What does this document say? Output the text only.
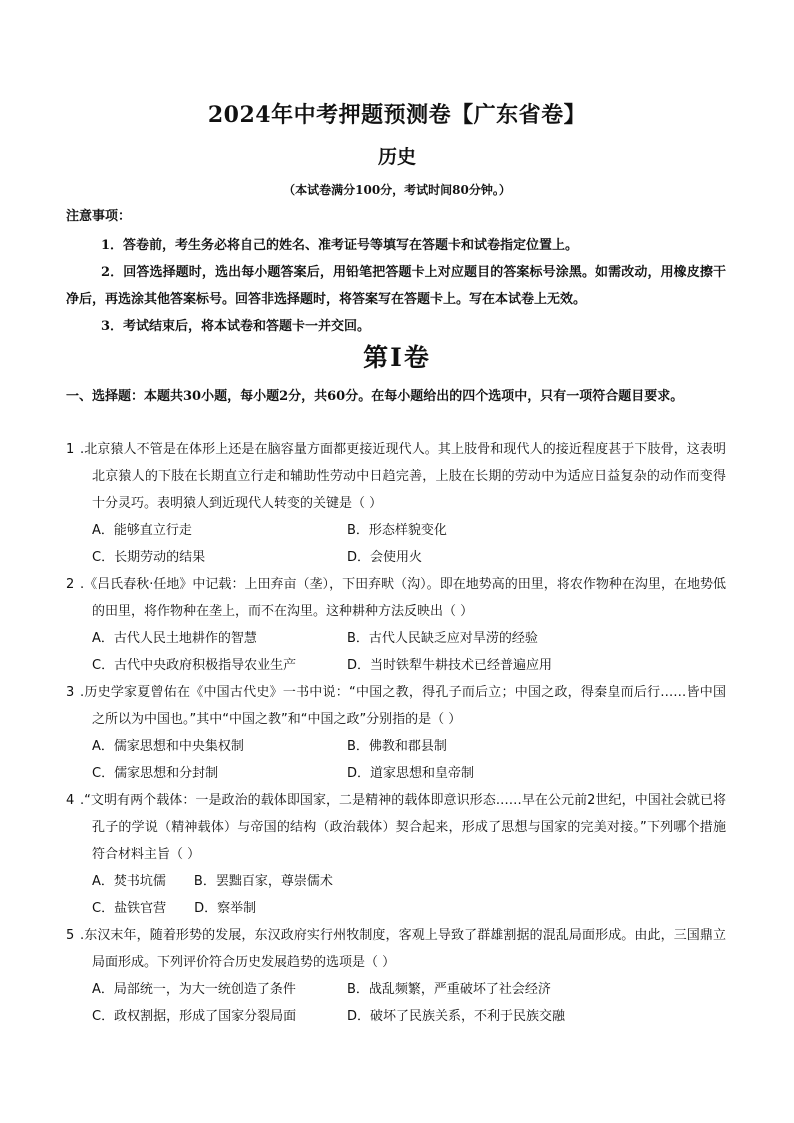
2024年中考押题预测卷【广东省卷】
历史
（本试卷满分100分，考试时间80分钟。）
注意事项：
1．答卷前，考生务必将自己的姓名、准考证号等填写在答题卡和试卷指定位置上。
2．回答选择题时，选出每小题答案后，用铅笔把答题卡上对应题目的答案标号涂黑。如需改动，用橡皮擦干净后，再选涂其他答案标号。回答非选择题时，将答案写在答题卡上。写在本试卷上无效。
3．考试结束后，将本试卷和答题卡一并交回。
第I卷
一、选择题：本题共30小题，每小题2分，共60分。在每小题给出的四个选项中，只有一项符合题目要求。
1 .北京猿人不管是在体形上还是在脑容量方面都更接近现代人。其上肢骨和现代人的接近程度甚于下肢骨，这表明北京猿人的下肢在长期直立行走和辅助性劳动中日趋完善，上肢在长期的劳动中为适应日益复杂的动作而变得十分灵巧。表明猿人到近现代人转变的关键是（ ）
A．能够直立行走	B．形态样貌变化
C．长期劳动的结果	D．会使用火
2 .《吕氏春秋·任地》中记载：上田弃亩（垄），下田弃畎（沟）。即在地势高的田里，将农作物种在沟里，在地势低的田里，将作物种在垄上，而不在沟里。这种耕种方法反映出（ ）
A．古代人民土地耕作的智慧	B．古代人民缺乏应对旱涝的经验
C．古代中央政府积极指导农业生产	D．当时铁犁牛耕技术已经普遍应用
3 .历史学家夏曾佑在《中国古代史》一书中说：“中国之教，得孔子而后立；中国之政，得秦皇而后行……皆中国之所以为中国也。”其中“中国之教”和“中国之政”分别指的是（ ）
A．儒家思想和中央集权制	B．佛教和郡县制
C．儒家思想和分封制	D．道家思想和皇帝制
4 .“文明有两个载体：一是政治的载体即国家，二是精神的载体即意识形态……早在公元前2世纪，中国社会就已将孔子的学说（精神载体）与帝国的结构（政治载体）契合起来，形成了思想与国家的完美对接。”下列哪个措施符合材料主旨（ ）
A．焚书坑儒 B．罢黜百家，尊崇儒术
C．盐铁官营 D．察举制
5 .东汉末年，随着形势的发展，东汉政府实行州牧制度，客观上导致了群雄割据的混乱局面形成。由此，三国鼎立局面形成。下列评价符合历史发展趋势的选项是（ ）
A．局部统一，为大一统创造了条件	B．战乱频繁，严重破坏了社会经济
C．政权割据，形成了国家分裂局面	D．破坏了民族关系，不利于民族交融
